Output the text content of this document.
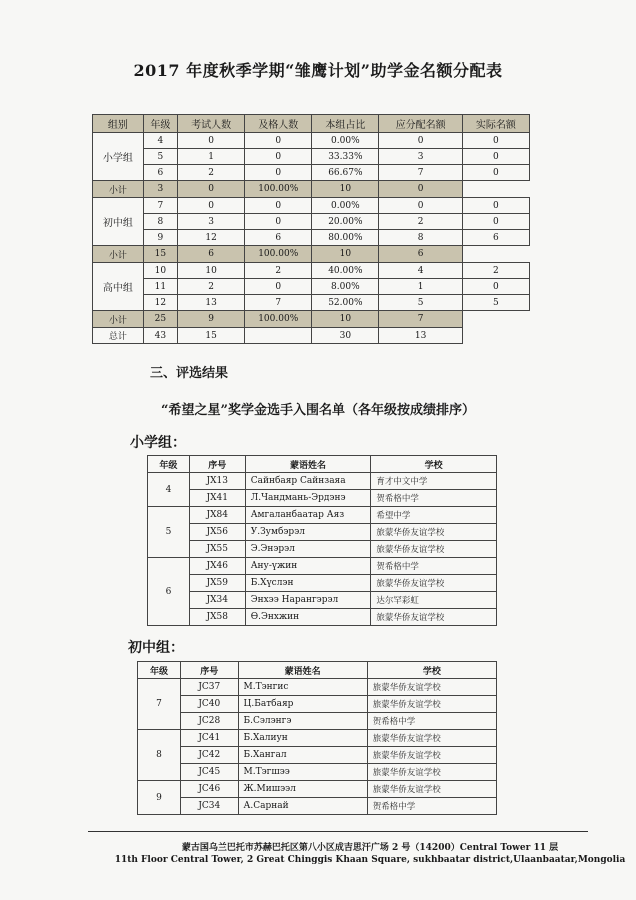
2017 年度秋季学期“雏鹰计划”助学金名额分配表
组别	年级	考试人数	及格人数	本组占比	应分配名额	实际名额
小学组	4	0	0	0.00%	0	0
	5	1	0	33.33%	3	0
	6	2	0	66.67%	7	0
小计	3	0	100.00%	10	0	
初中组	7	0	0	0.00%	0	0
	8	3	0	20.00%	2	0
	9	12	6	80.00%	8	6
小计	15	6	100.00%	10	6	
高中组	10	10	2	40.00%	4	2
	11	2	0	8.00%	1	0
	12	13	7	52.00%	5	5
小计	25	9	100.00%	10	7	
总计	43	15		30	13	
三、评选结果
“希望之星”奖学金选手入围名单（各年级按成绩排序）
小学组：
年级	序号	蒙语姓名	学校
4	JX13	Сайнбаяр Сайнзаяа	育才中文中学
	JX41	Л.Чандмань-Эрдэнэ	贺希格中学
5	JX84	Амгаланбаатар Аяз	希望中学
	JX56	У.Зумбэрэл	旅蒙华侨友谊学校
	JX55	Э.Энэрэл	旅蒙华侨友谊学校
6	JX46	Ану-үжин	贺希格中学
	JX59	Б.Хүслэн	旅蒙华侨友谊学校
	JX34	Энхээ Нарангэрэл	达尔罕彩虹
	JX58	Ө.Энхжин	旅蒙华侨友谊学校
初中组：
年级	序号	蒙语姓名	学校
7	JC37	М.Тэнгис	旅蒙华侨友谊学校
	JC40	Ц.Батбаяр	旅蒙华侨友谊学校
	JC28	Б.Сэлэнгэ	贺希格中学
8	JC41	Б.Халиун	旅蒙华侨友谊学校
	JC42	Б.Хангал	旅蒙华侨友谊学校
	JC45	М.Тэгшээ	旅蒙华侨友谊学校
9	JC46	Ж.Мишээл	旅蒙华侨友谊学校
	JC34	А.Сарнай	贺希格中学
蒙古国乌兰巴托市苏赫巴托区第八小区成吉思汗广场 2 号（14200）Central Tower 11 层
11th Floor Central Tower, 2 Great Chinggis Khaan Square, sukhbaatar district,Ulaanbaatar,Mongolia
